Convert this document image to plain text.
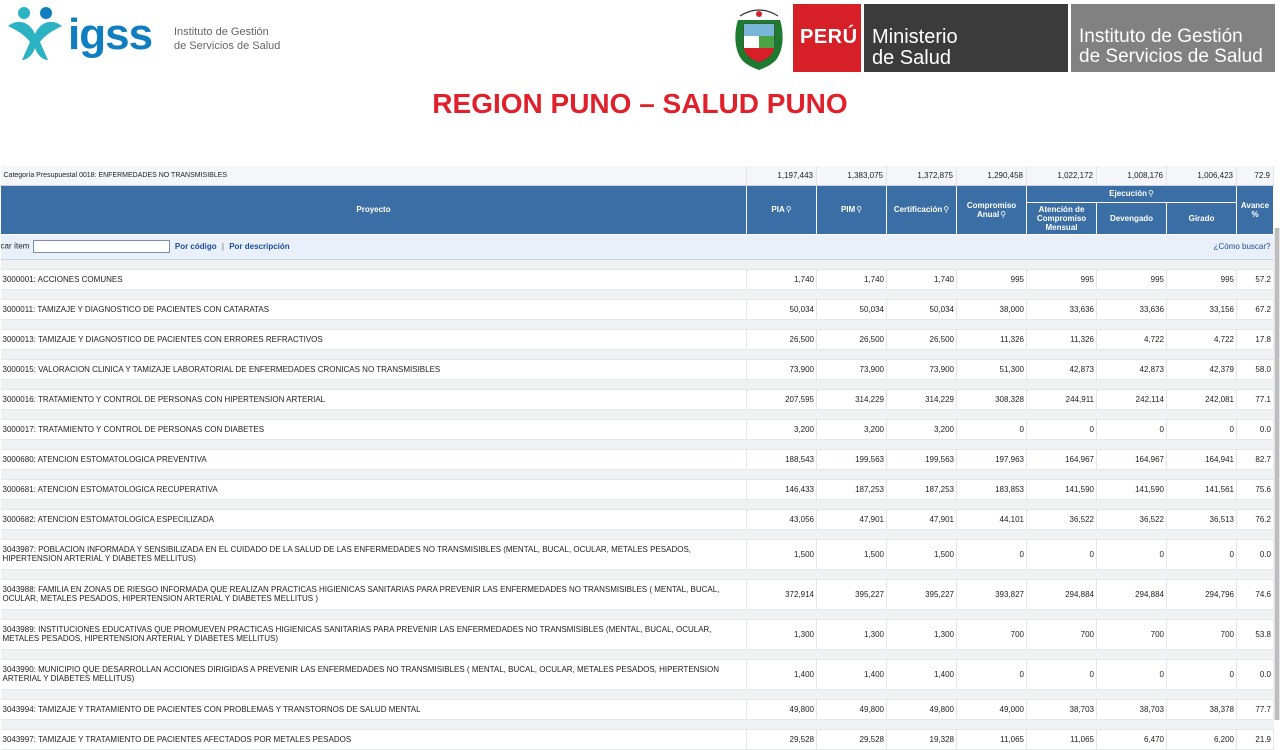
igss Instituto de Gestión
de Servicios de Salud	PERÚ Ministerio
de Salud
Instituto de Gestión
de Servicios de Salud
REGION PUNO – SALUD PUNO
Categoría Presupuestal 0018: ENFERMEDADES NO TRANSMISIBLES	1,197,443	1,383,075	1,372,875	1,290,458	1,022,172	1,008,176	1,006,423	72.9
Proyecto	PIA⚲	PIM⚲	Certificación⚲	Compromiso Anual⚲	Ejecución⚲			Avance %
					Atención de Compromiso Mensual	Devengado	Girado	
car ítem Por código | Por descripción					¿Cómo buscar?			

3000001: ACCIONES COMUNES	1,740	1,740	1,740	995	995	995	995	57.2

3000011: TAMIZAJE Y DIAGNOSTICO DE PACIENTES CON CATARATAS	50,034	50,034	50,034	38,000	33,636	33,636	33,156	67.2

3000013: TAMIZAJE Y DIAGNOSTICO DE PACIENTES CON ERRORES REFRACTIVOS	26,500	26,500	26,500	11,326	11,326	4,722	4,722	17.8

3000015: VALORACION CLINICA Y TAMIZAJE LABORATORIAL DE ENFERMEDADES CRONICAS NO TRANSMISIBLES	73,900	73,900	73,900	51,300	42,873	42,873	42,379	58.0

3000016: TRATAMIENTO Y CONTROL DE PERSONAS CON HIPERTENSION ARTERIAL	207,595	314,229	314,229	308,328	244,911	242,114	242,081	77.1

3000017: TRATAMIENTO Y CONTROL DE PERSONAS CON DIABETES	3,200	3,200	3,200	0	0	0	0	0.0

3000680: ATENCION ESTOMATOLOGICA PREVENTIVA	188,543	199,563	199,563	197,963	164,967	164,967	164,941	82.7

3000681: ATENCION ESTOMATOLOGICA RECUPERATIVA	146,433	187,253	187,253	183,853	141,590	141,590	141,561	75.6

3000682: ATENCION ESTOMATOLOGICA ESPECILIZADA	43,056	47,901	47,901	44,101	36,522	36,522	36,513	76.2

3043987: POBLACION INFORMADA Y SENSIBILIZADA EN EL CUIDADO DE LA SALUD DE LAS ENFERMEDADES NO TRANSMISIBLES (MENTAL, BUCAL, OCULAR, METALES PESADOS, HIPERTENSION ARTERIAL Y DIABETES MELLITUS)	1,500	1,500	1,500	0	0	0	0	0.0

3043988: FAMILIA EN ZONAS DE RIESGO INFORMADA QUE REALIZAN PRACTICAS HIGIENICAS SANITARIAS PARA PREVENIR LAS ENFERMEDADES NO TRANSMISIBLES ( MENTAL, BUCAL, OCULAR, METALES PESADOS, HIPERTENSION ARTERIAL Y DIABETES MELLITUS )	372,914	395,227	395,227	393,827	294,884	294,884	294,796	74.6

3043989: INSTITUCIONES EDUCATIVAS QUE PROMUEVEN PRACTICAS HIGIENICAS SANITARIAS PARA PREVENIR LAS ENFERMEDADES NO TRANSMISIBLES (MENTAL, BUCAL, OCULAR, METALES PESADOS, HIPERTENSION ARTERIAL Y DIABETES MELLITUS)	1,300	1,300	1,300	700	700	700	700	53.8

3043990: MUNICIPIO QUE DESARROLLAN ACCIONES DIRIGIDAS A PREVENIR LAS ENFERMEDADES NO TRANSMISIBLES ( MENTAL, BUCAL, OCULAR, METALES PESADOS, HIPERTENSION ARTERIAL Y DIABETES MELLITUS)	1,400	1,400	1,400	0	0	0	0	0.0

3043994: TAMIZAJE Y TRATAMIENTO DE PACIENTES CON PROBLEMAS Y TRANSTORNOS DE SALUD MENTAL	49,800	49,800	49,800	49,000	38,703	38,703	38,378	77.7

3043997: TAMIZAJE Y TRATAMIENTO DE PACIENTES AFECTADOS POR METALES PESADOS	29,528	29,528	19,328	11,065	11,065	6,470	6,200	21.9
